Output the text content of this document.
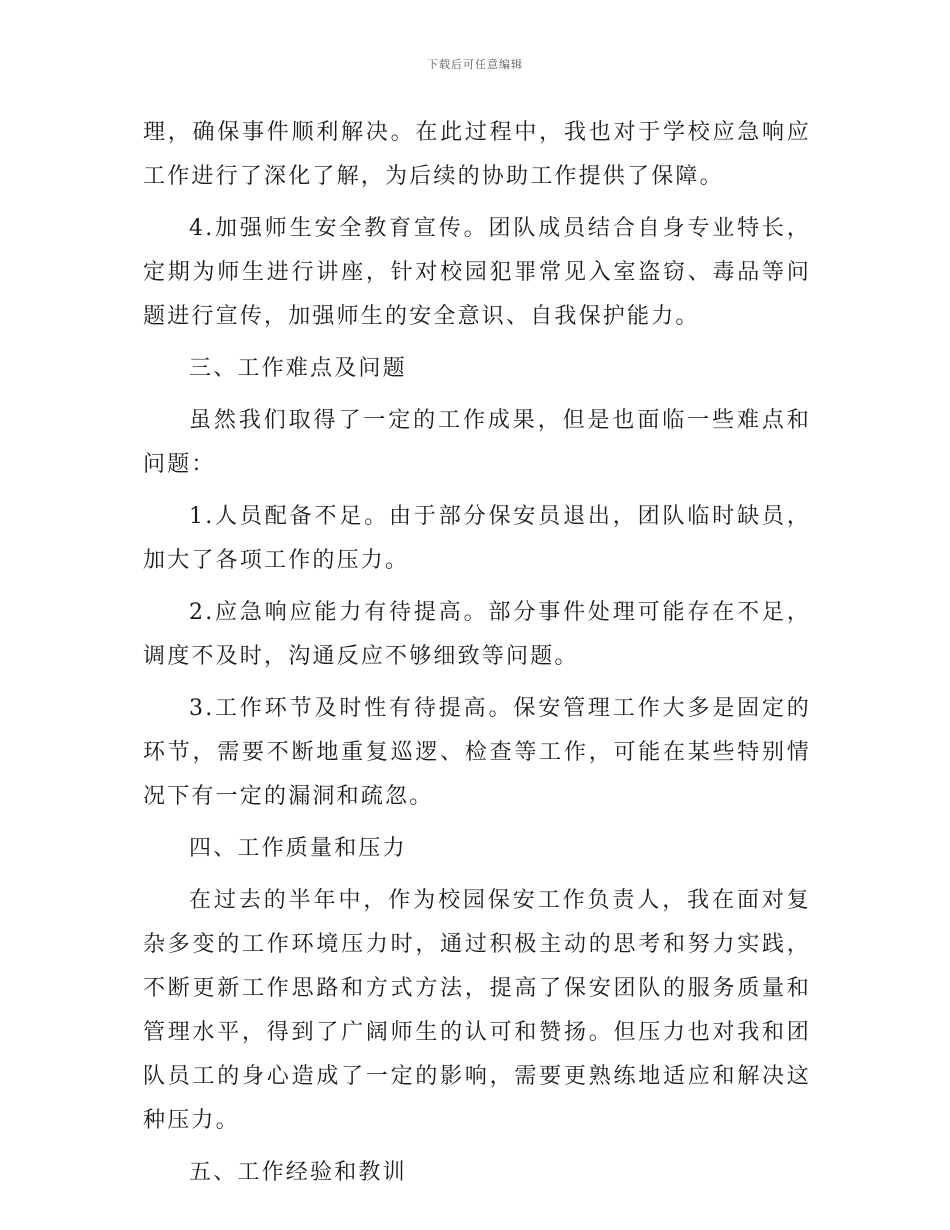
下载后可任意编辑

理，确保事件顺利解决。在此过程中，我也对于学校应急响应工作进行了深化了解，为后续的协助工作提供了保障。

4.加强师生安全教育宣传。团队成员结合自身专业特长，定期为师生进行讲座，针对校园犯罪常见入室盗窃、毒品等问题进行宣传，加强师生的安全意识、自我保护能力。

三、工作难点及问题

虽然我们取得了一定的工作成果，但是也面临一些难点和问题：

1.人员配备不足。由于部分保安员退出，团队临时缺员，加大了各项工作的压力。

2.应急响应能力有待提高。部分事件处理可能存在不足，调度不及时，沟通反应不够细致等问题。

3.工作环节及时性有待提高。保安管理工作大多是固定的环节，需要不断地重复巡逻、检查等工作，可能在某些特别情况下有一定的漏洞和疏忽。

四、工作质量和压力

在过去的半年中，作为校园保安工作负责人，我在面对复杂多变的工作环境压力时，通过积极主动的思考和努力实践，不断更新工作思路和方式方法，提高了保安团队的服务质量和管理水平，得到了广阔师生的认可和赞扬。但压力也对我和团队员工的身心造成了一定的影响，需要更熟练地适应和解决这种压力。

五、工作经验和教训
